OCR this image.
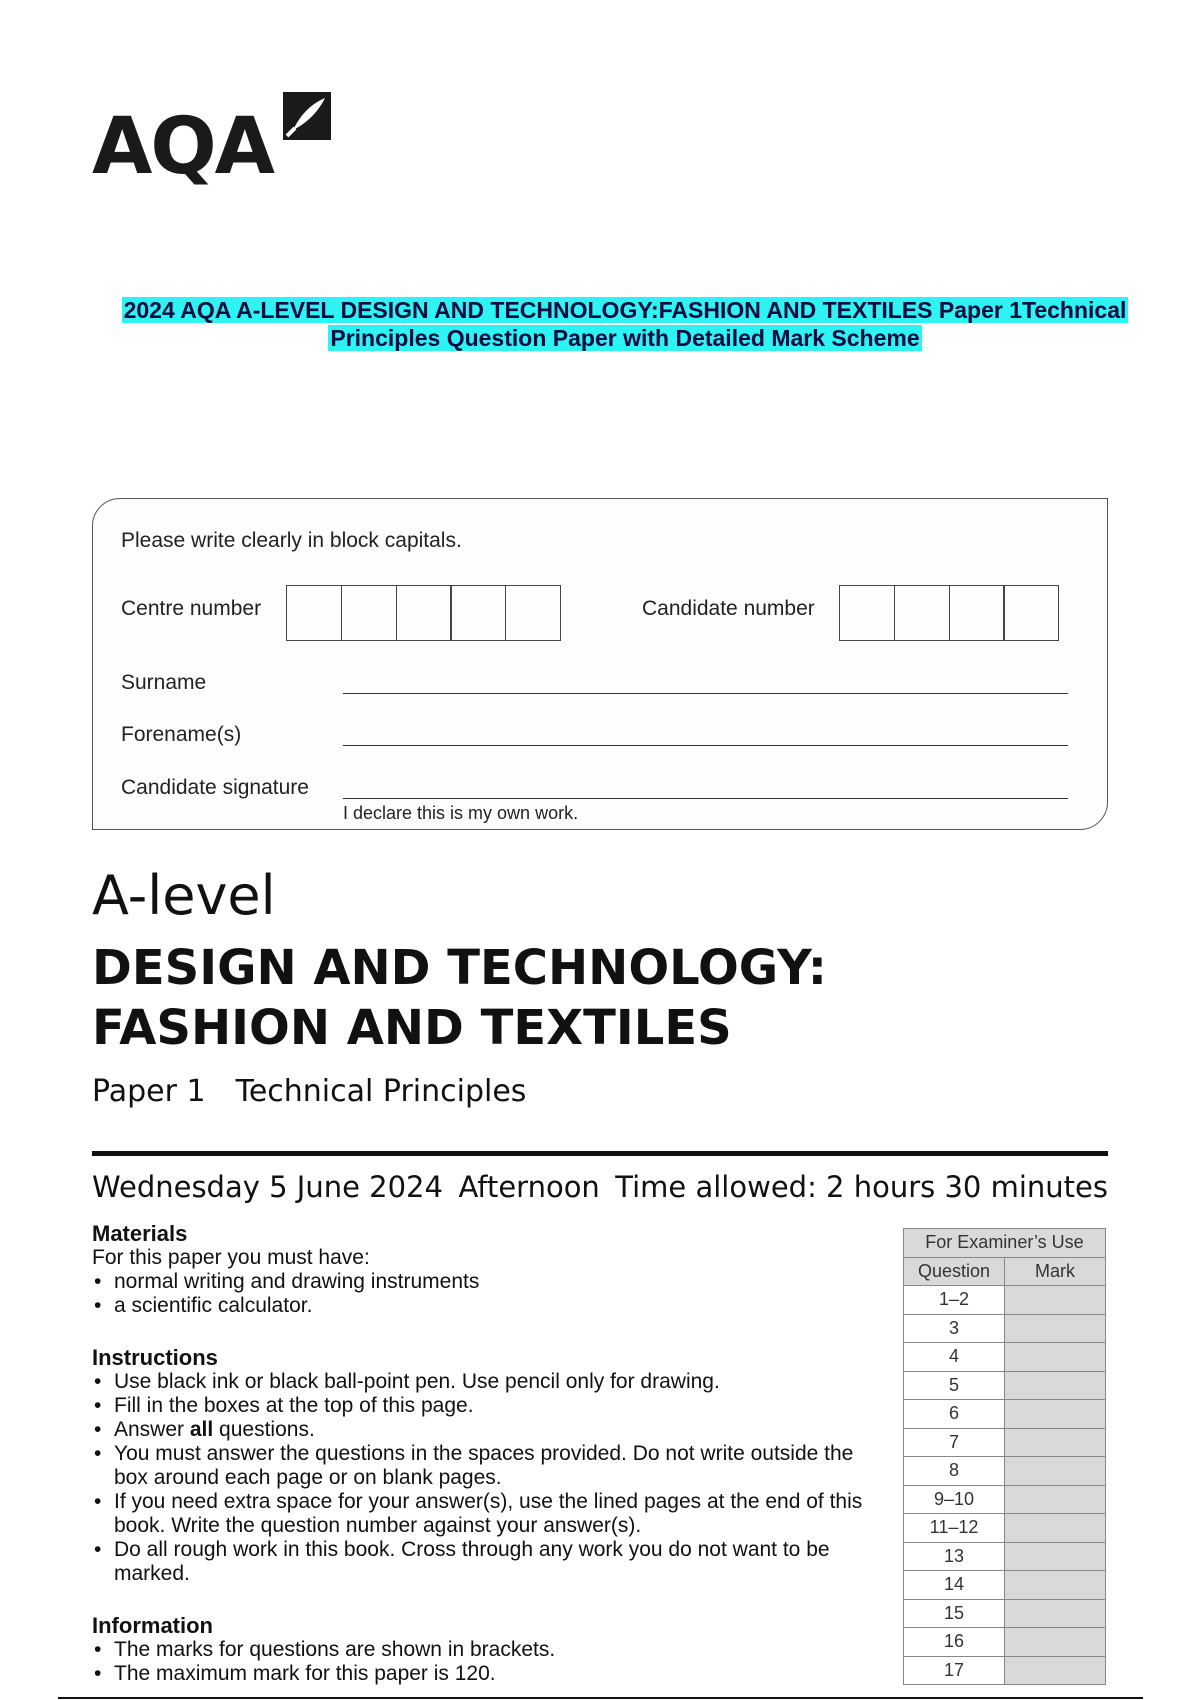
AQA
2024 AQA A-LEVEL DESIGN AND TECHNOLOGY:FASHION AND TEXTILES Paper 1Technical
Principles Question Paper with Detailed Mark Scheme
Please write clearly in block capitals.
Centre number	Candidate number
Surname
Forename(s)
Candidate signature
I declare this is my own work.
A-level
DESIGN AND TECHNOLOGY:
FASHION AND TEXTILES
Paper 1 Technical Principles
Wednesday 5 June 2024 Afternoon Time allowed: 2 hours 30 minutes
Materials
For this paper you must have:
• normal writing and drawing instruments
• a scientific calculator.
Instructions
• Use black ink or black ball-point pen. Use pencil only for drawing.
• Fill in the boxes at the top of this page.
• Answer all questions.
• You must answer the questions in the spaces provided. Do not write outside the box around each page or on blank pages.
• If you need extra space for your answer(s), use the lined pages at the end of this book. Write the question number against your answer(s).
• Do all rough work in this book. Cross through any work you do not want to be marked.
Information
• The marks for questions are shown in brackets.
• The maximum mark for this paper is 120.
For Examiner’s Use	
Question	Mark
1–2	
3	
4	
5	
6	
7	
8	
9–10	
11–12	
13	
14	
15	
16	
17	
